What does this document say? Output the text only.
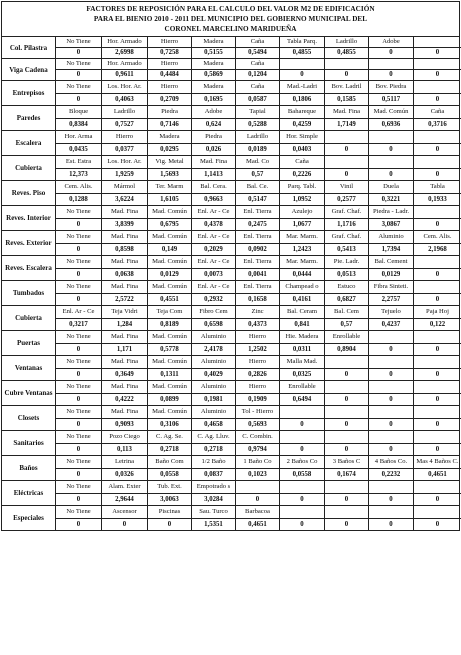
FACTORES DE REPOSICIÓN PARA EL CALCULO DEL VALOR M2 DE EDIFICACIÓN
PARA EL BIENIO 2010 - 2011 DEL MUNICIPIO DEL GOBIERNO MUNICIPAL DEL
CORONEL MARCELINO MARIDUEÑA
Col. Pilastra
No Tiene	Hor. Armado	Hierro	Madera	Caña	Tabla Parq.	Ladrillo	Adobe
0	2,6998	0,7258	0,5155	0,5494	0,4855	0,4855	0	0
Viga Cadena
No Tiene	Hor. Armado	Hierro	Madera	Caña
0	0,9611	0,4484	0,5869	0,1204	0	0	0	0
Entrepisos
No Tiene	Los. Hor. Ar.	Hierro	Madera	Caña	Mad.-Ladri	Bov. Ladril	Bov. Piedra
0	0,4063	0,2709	0,1695	0,0587	0,1806	0,1585	0,5117	0
Paredes
Bloque	Ladrillo	Piedra	Adobe	Tapial	Bahareque	Mad. Fina	Mad. Común	Caña
0,8384	0,7527	0,7146	0,624	0,5288	0,4259	1,7149	0,6936	0,3716
Escalera
Hor. Arma	Hierro	Madera	Piedra	Ladrillo	Hor. Simple
0,0435	0,0377	0,0295	0,026	0,0189	0,0403	0	0	0
Cubierta
Est. Estra	Los. Hor. Ar.	Vig. Metal	Mad. Fina	Mad. Co	Caña
12,373	1,9259	1,5693	1,1413	0,57	0,2226	0	0	0
Reves. Piso
Cem. Alis.	Mármol	Ter. Marm	Bal. Cera.	Bal. Ce.	Parq. Tabl.	Vinil	Duela	Tabla
0,1288	3,6224	1,6105	0,9663	0,5147	1,0952	0,2577	0,3221	0,1933
Reves. Interior
No Tiene	Mad. Fina	Mad. Común	Enl. Ar - Ce	Enl. Tierra	Azulejo	Graf. Chaf.	Piedra - Ladr.
0	3,8399	0,6795	0,4378	0,2475	1,0677	1,1716	3,0867	0
Reves. Exterior
No Tiene	Mad. Fina	Mad. Común	Enl. Ar - Ce	Enl. Tierra	Mar. Marm.	Graf. Chaf.	Aluminio	Cem. Alis.
0	0,8598	0,149	0,2029	0,0902	1,2423	0,5413	1,7394	2,1968
Reves. Escalera
No Tiene	Mad. Fina	Mad. Común	Enl. Ar - Ce	Enl. Tierra	Mar. Marm.	Pie. Ladr.	Bal. Cement
0	0,0638	0,0129	0,0073	0,0041	0,0444	0,0513	0,0129	0
Tumbados
No Tiene	Mad. Fina	Mad. Común	Enl. Ar - Ce	Enl. Tierra	Champead o	Estuco	Fibra Sinteti.
0	2,5722	0,4551	0,2932	0,1658	0,4161	0,6827	2,2757	0
Cubierta
Enl. Ar - Ce	Teja Vidri	Teja Com	Fibro Cem	Zinc	Bal. Ceram	Bal. Cem	Tejuelo	Paja Hoj
0,3217	1,284	0,8189	0,6598	0,4373	0,841	0,57	0,4237	0,122
Puertas
No Tiene	Mad. Fina	Mad. Común	Aluminio	Hierro	Hie. Madera	Enrollable
0	1,171	0,5778	2,4178	1,2502	0,0311	0,8904	0	0
Ventanas
No Tiene	Mad. Fina	Mad. Común	Aluminio	Hierro	Malla Mad.
0	0,3649	0,1311	0,4029	0,2826	0,0325	0	0	0
Cubre Ventanas
No Tiene	Mad. Fina	Mad. Común	Aluminio	Hierro	Enrollable
0	0,4222	0,0899	0,1981	0,1909	0,6494	0	0	0
Closets
No Tiene	Mad. Fina	Mad. Común	Aluminio	Tol - Hierro
0	0,9093	0,3106	0,4658	0,5693	0	0	0	0
Sanitarios
No Tiene	Pozo Ciego	C. Ag. Se.	C. Ag. Lluv.	C. Combin.
0	0,113	0,2718	0,2718	0,9794	0	0	0	0
Baños
No Tiene	Letrina	Baño Com	1/2 Baño	1 Baño Co	2 Baños Co	3 Baños C	4 Baños Co.	Mas 4 Baños C.
0	0,0326	0,0558	0,0837	0,1023	0,0558	0,1674	0,2232	0,4651
Eléctricas
No Tiene	Alam. Exter	Tub. Ext.	Empotrado s
0	2,9644	3,0063	3,0284	0	0	0	0	0
Especiales
No Tiene	Ascensor	Piscinas	Sau. Turco	Barbacoa
0	0	0	1,5351	0,4651	0	0	0	0
